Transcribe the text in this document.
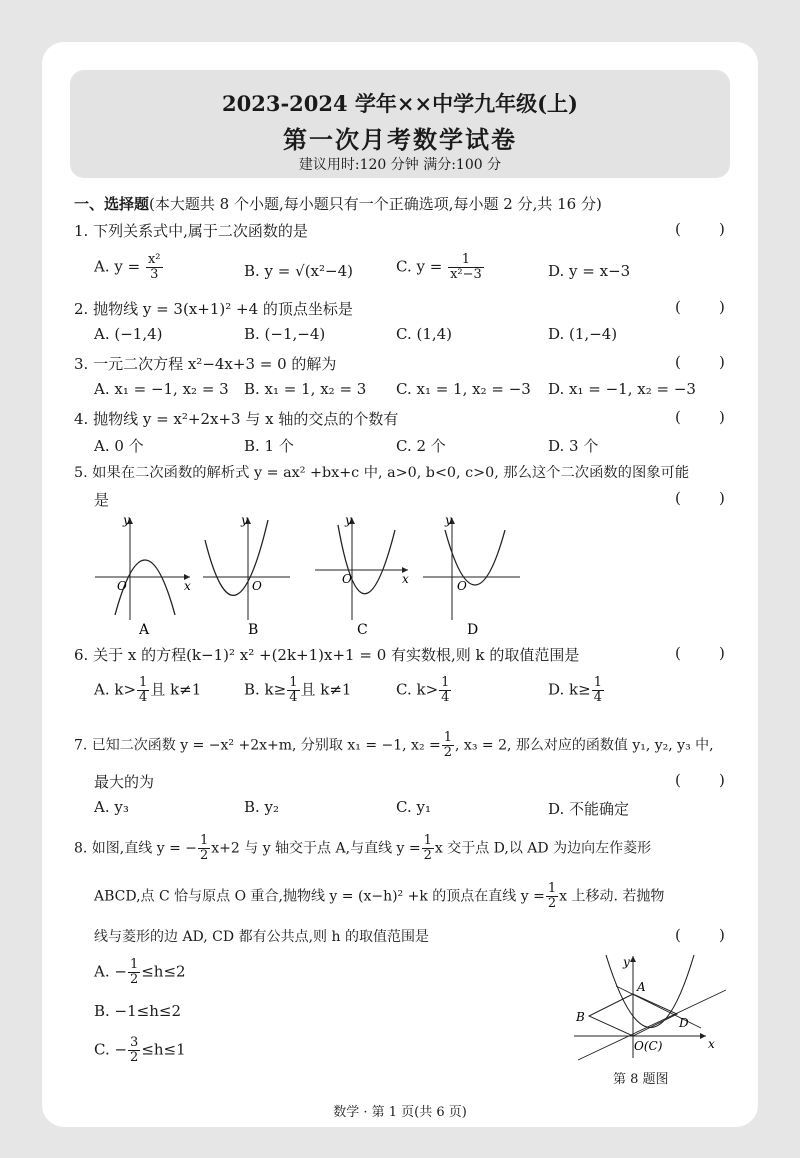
2023-2024 学年××中学九年级(上)
第一次月考数学试卷
建议用时:120 分钟 满分:100 分
一、选择题(本大题共 8 个小题,每小题只有一个正确选项,每小题 2 分,共 16 分)
1. 下列关系式中,属于二次函数的是	(        )
A. $y = \frac{\text{x²}}{3}$	B. y = √(x²−4)	C. $y = \frac{1}{\text{x²−3}}$	D. y = x−3
2. 抛物线 y = 3(x+1)² +4 的顶点坐标是	(        )
A. (−1,4)	B. (−1,−4)	C. (1,4)	D. (1,−4)
3. 一元二次方程 x²−4x+3 = 0 的解为	(        )
A. x₁ = −1, x₂ = 3 B. x₁ = 1, x₂ = 3 C. x₁ = 1, x₂ = −3 D. x₁ = −1, x₂ = −3
4. 抛物线 y = x²+2x+3 与 x 轴的交点的个数有	(        )
A. 0 个	B. 1 个	C. 2 个	D. 3 个
5. 如果在二次函数的解析式 y = ax² +bx+c 中, a>0, b<0, c>0, 那么这个二次函数的图象可能
是	(        )
y
x
O
A
y
O
B
y
x
O
C
y
O
D
6. 关于 x 的方程(k−1)² x² +(2k+1)x+1 = 0 有实数根,则 k 的取值范围是	(        )
A. $k> \frac{1}{4}$ 且 k≠1	B. $k\ge \frac{1}{4}$ 且 k≠1	C. $k> \frac{1}{4}$	D. $k\ge \frac{1}{4}$
7. 已知二次函数 y = −x² +2x+m, 分别取 x₁ = −1, $x_2 = \frac{1}{2}$ , x₃ = 2, 那么对应的函数值 y₁, y₂, y₃ 中,
最大的为	(        )
A. y₃	B. y₂	C. y₁	D. 不能确定
8. 如图,直线 y = − $\frac{1}{2} x+2$ 与 y 轴交于点 A,与直线 $y = \frac{1}{2}$ x 交于点 D,以 AD 为边向左作菱形
ABCD,点 C 恰与原点 O 重合,抛物线 y = (x−h)² +k 的顶点在直线 $y = \frac{1}{2}$ x 上移动. 若抛物
线与菱形的边 AD, CD 都有公共点,则 h 的取值范围是	(        )
A. − $\frac{1}{2} \le h\le 2$
B. −1≤h≤2
C. − $\frac{3}{2} \le h\le 1$
y
x
A
B	D
O(C)
第 8 题图
数学 · 第 1 页(共 6 页)
